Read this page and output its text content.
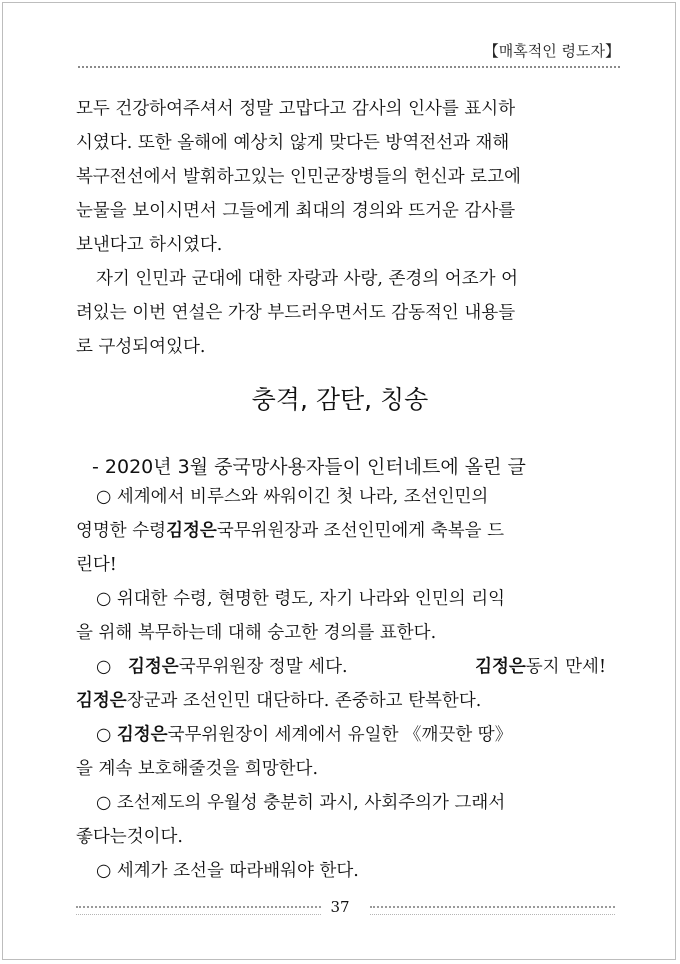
【매혹적인 령도자】
모두 건강하여주셔서 정말 고맙다고 감사의 인사를 표시하
시였다. 또한 올해에 예상치 않게 맞다든 방역전선과 재해
복구전선에서 발휘하고있는 인민군장병들의 헌신과 로고에
눈물을 보이시면서 그들에게 최대의 경의와 뜨거운 감사를
보낸다고 하시였다.
자기 인민과 군대에 대한 자랑과 사랑, 존경의 어조가 어
려있는 이번 연설은 가장 부드러우면서도 감동적인 내용들
로 구성되여있다.
충격, 감탄, 칭송
- 2020년 3월 중국망사용자들이 인터네트에 올린 글
○
세계에서 비루스와 싸워이긴 첫 나라, 조선인민의
영명한 수령 김정은 국무위원장과 조선인민에게 축복을 드
린다!
○
위대한 수령, 현명한 령도, 자기 나라와 인민의 리익
을 위해 복무하는데 대해 숭고한 경의를 표한다.
○ 김정은국무위원장 정말 세다.	김정은동지 만세!
김정은 장군과 조선인민 대단하다. 존중하고 탄복한다.
○
김정은 국무위원장이 세계에서 유일한 《깨끗한 땅》
을 계속 보호해줄것을 희망한다.
○
조선제도의 우월성 충분히 과시, 사회주의가 그래서
좋다는것이다.
○
세계가 조선을 따라배워야 한다.
37
